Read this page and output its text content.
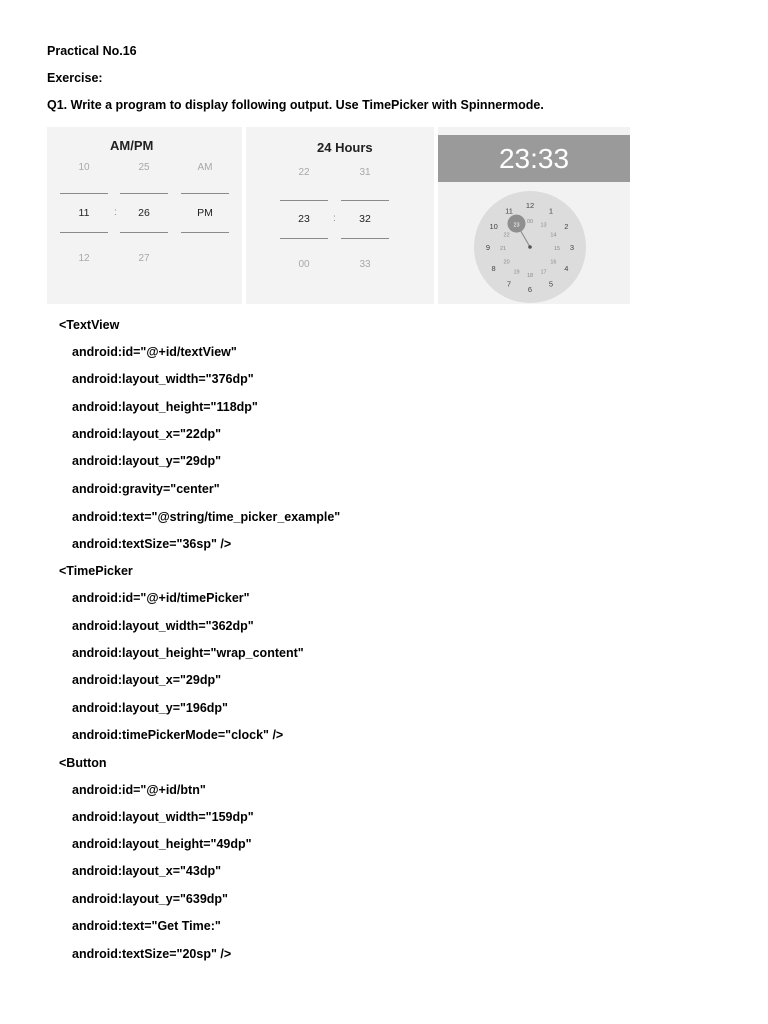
Practical No.16
Exercise:
Q1. Write a program to display following output. Use TimePicker with Spinnermode.
AM/PM
10	25	AM
11	:	26	PM
12	27
24 Hours
22	31
23	:	32
00	33
23:33
12
1
2
3
4
5
6
7
8
9
10
11
00
13
14
15
16
17
18
19
20
21
22
23
<TextView
android:id="@+id/textView"
android:layout_width="376dp"
android:layout_height="118dp"
android:layout_x="22dp"
android:layout_y="29dp"
android:gravity="center"
android:text="@string/time_picker_example"
android:textSize="36sp" />
<TimePicker
android:id="@+id/timePicker"
android:layout_width="362dp"
android:layout_height="wrap_content"
android:layout_x="29dp"
android:layout_y="196dp"
android:timePickerMode="clock" />
<Button
android:id="@+id/btn"
android:layout_width="159dp"
android:layout_height="49dp"
android:layout_x="43dp"
android:layout_y="639dp"
android:text="Get Time:"
android:textSize="20sp" />
